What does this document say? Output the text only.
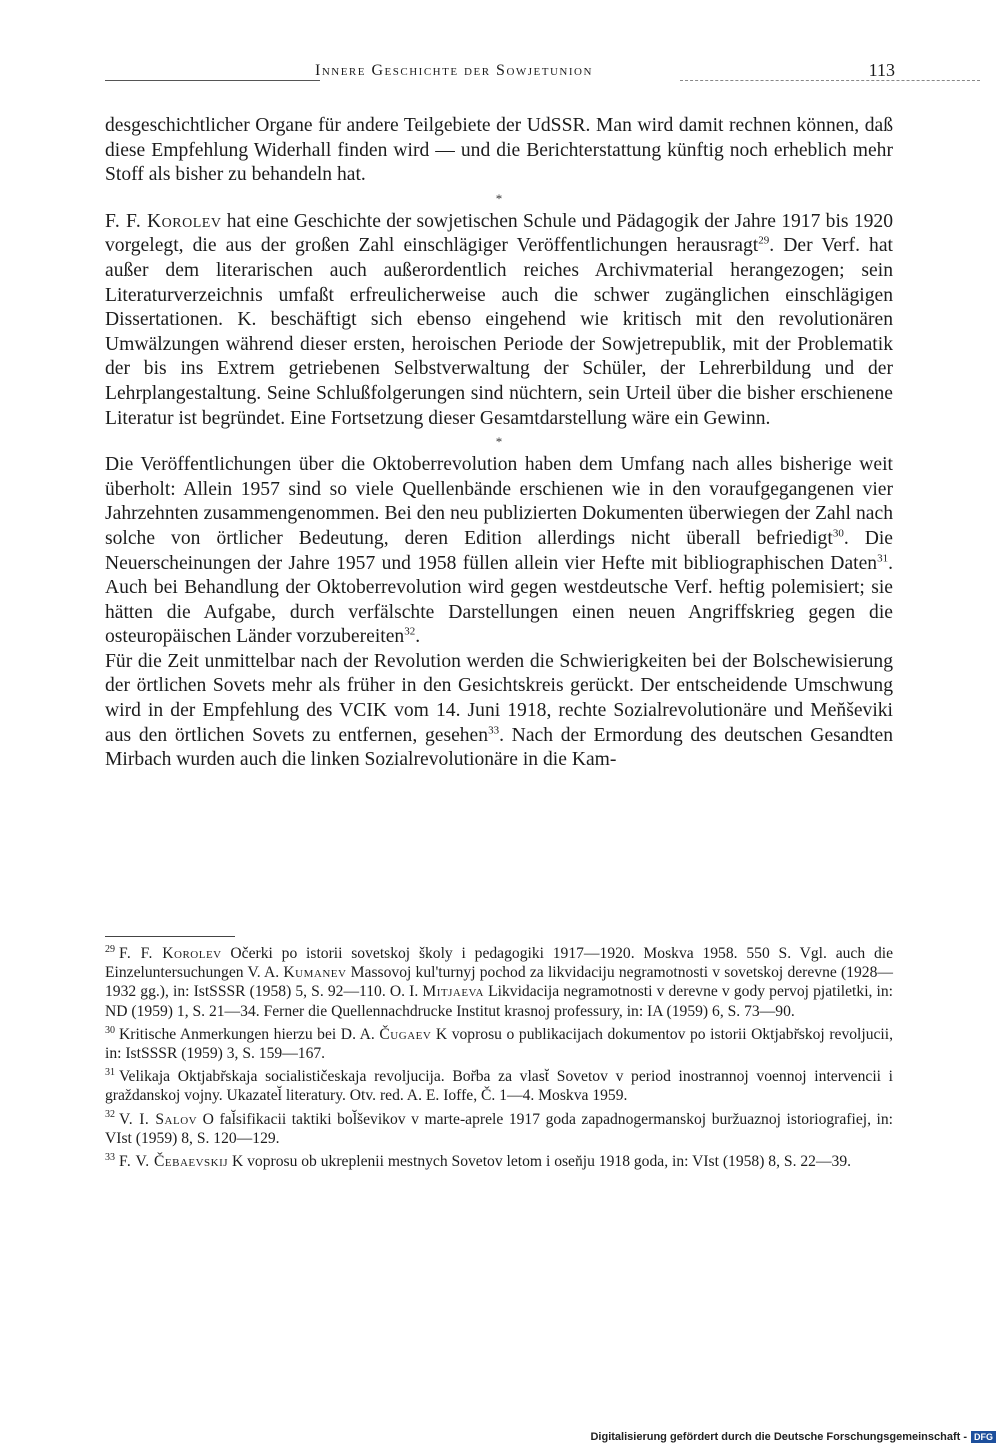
Innere Geschichte der Sowjetunion	113

desgeschichtlicher Organe für andere Teilgebiete der UdSSR. Man wird damit rechnen können, daß diese Empfehlung Widerhall finden wird — und die Berichterstattung künftig noch erheblich mehr Stoff als bisher zu behandeln hat.

*

F. F. Korolev hat eine Geschichte der sowjetischen Schule und Pädagogik der Jahre 1917 bis 1920 vorgelegt, die aus der großen Zahl einschlägiger Veröffentlichungen herausragt$^{29}$. Der Verf. hat außer dem literarischen auch außerordentlich reiches Archivmaterial herangezogen; sein Literaturverzeichnis umfaßt erfreulicherweise auch die schwer zugänglichen einschlägigen Dissertationen. K. beschäftigt sich ebenso eingehend wie kritisch mit den revolutionären Umwälzungen während dieser ersten, heroischen Periode der Sowjetrepublik, mit der Problematik der bis ins Extrem getriebenen Selbstverwaltung der Schüler, der Lehrerbildung und der Lehrplangestaltung. Seine Schlußfolgerungen sind nüchtern, sein Urteil über die bisher erschienene Literatur ist begründet. Eine Fortsetzung dieser Gesamtdarstellung wäre ein Gewinn.

*

Die Veröffentlichungen über die Oktoberrevolution haben dem Umfang nach alles bisherige weit überholt: Allein 1957 sind so viele Quellenbände erschienen wie in den voraufgegangenen vier Jahrzehnten zusammengenommen. Bei den neu publizierten Dokumenten überwiegen der Zahl nach solche von örtlicher Bedeutung, deren Edition allerdings nicht überall befriedigt$^{30}$. Die Neuerscheinungen der Jahre 1957 und 1958 füllen allein vier Hefte mit bibliographischen Daten$^{31}$. Auch bei Behandlung der Oktoberrevolution wird gegen westdeutsche Verf. heftig polemisiert; sie hätten die Aufgabe, durch verfälschte Darstellungen einen neuen Angriffskrieg gegen die osteuropäischen Länder vorzubereiten$^{32}$.

Für die Zeit unmittelbar nach der Revolution werden die Schwierigkeiten bei der Bolschewisierung der örtlichen Sovets mehr als früher in den Gesichtskreis gerückt. Der entscheidende Umschwung wird in der Empfehlung des VCIK vom 14. Juni 1918, rechte Sozialrevolutionäre und Men̆ševiki aus den örtlichen Sovets zu entfernen, gesehen$^{33}$. Nach der Ermordung des deutschen Gesandten Mirbach wurden auch die linken Sozialrevolutionäre in die Kam-

$^{29}$ F. F. Korolev Očerki po istorii sovetskoj školy i pedagogiki 1917—1920. Moskva 1958. 550 S. Vgl. auch die Einzeluntersuchungen V. A. Kumanev Massovoj kul'turnyj pochod za likvidaciju negramotnosti v sovetskoj derevne (1928—1932 gg.), in: IstSSSR (1958) 5, S. 92—110. O. I. Mitjaeva Likvidacija negramotnosti v derevne v gody pervoj pjatiletki, in: ND (1959) 1, S. 21—34. Ferner die Quellennachdrucke Institut krasnoj professury, in: IA (1959) 6, S. 73—90.

$^{30}$ Kritische Anmerkungen hierzu bei D. A. Čugaev K voprosu o publikacijach dokumentov po istorii Oktjabr̆skoj revoljucii, in: IstSSSR (1959) 3, S. 159—167.

$^{31}$ Velikaja Oktjabr̆skaja socialističeskaja revoljucija. Bor̆ba za vlast̆ Sovetov v period inostrannoj voennoj intervencii i graždanskoj vojny. Ukazatel̆ literatury. Otv. red. A. E. Ioffe, Č. 1—4. Moskva 1959.

$^{32}$ V. I. Salov O fal̆sifikacii taktiki bol̆ševikov v marte-aprele 1917 goda zapadnogermanskoj buržuaznoj istoriografiej, in: VIst (1959) 8, S. 120—129.

$^{33}$ F. V. Čebaevskij K voprosu ob ukreplenii mestnych Sovetov letom i osen̆ju 1918 goda, in: VIst (1958) 8, S. 22—39.

Digitalisierung gefördert durch die Deutsche Forschungsgemeinschaft - DFG
